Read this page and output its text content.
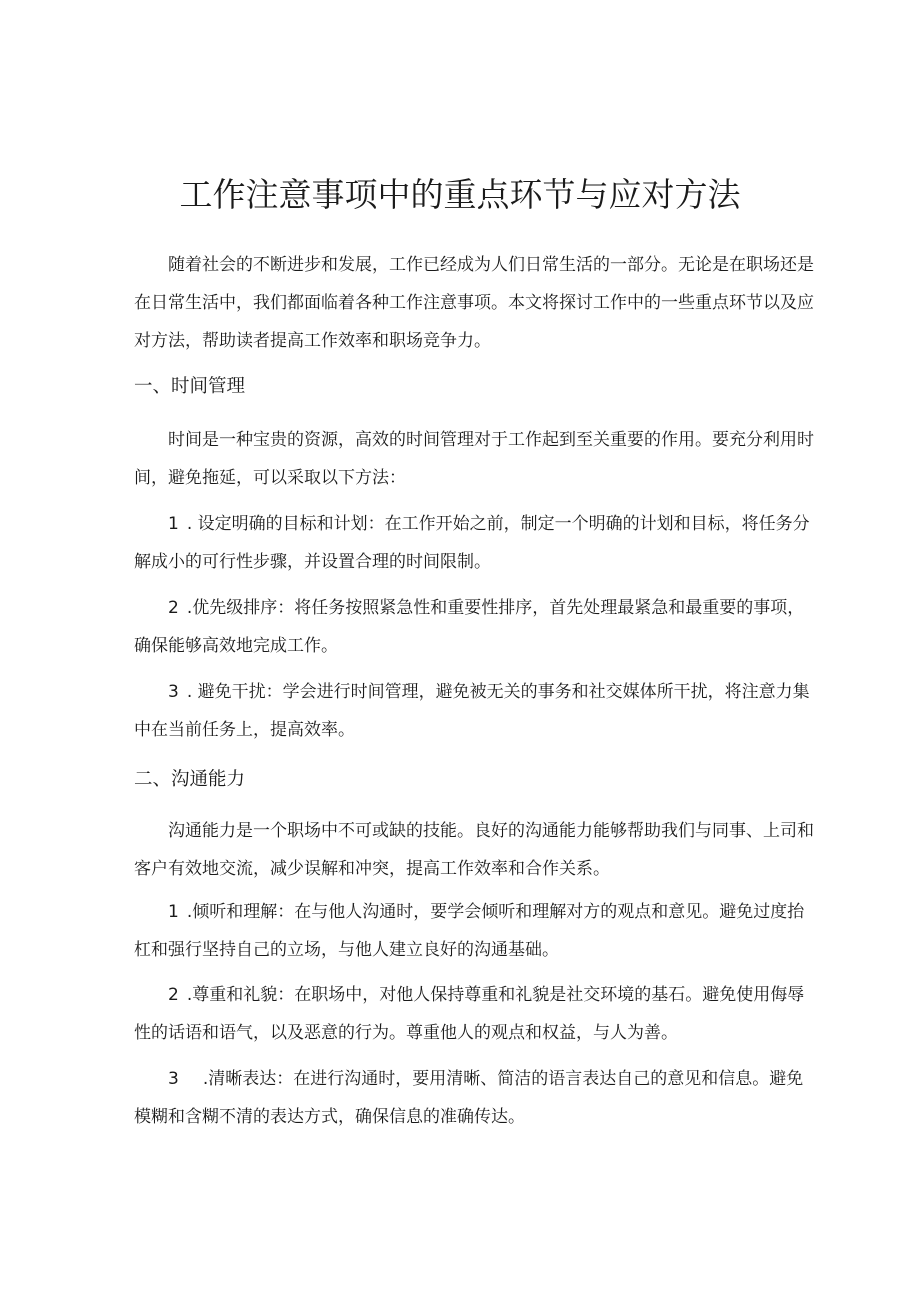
工作注意事项中的重点环节与应对方法

随着社会的不断进步和发展，工作已经成为人们日常生活的一部分。无论是在职场还是在日常生活中，我们都面临着各种工作注意事项。本文将探讨工作中的一些重点环节以及应对方法，帮助读者提高工作效率和职场竞争力。

一、时间管理

时间是一种宝贵的资源，高效的时间管理对于工作起到至关重要的作用。要充分利用时间，避免拖延，可以采取以下方法：

1 . 设定明确的目标和计划：在工作开始之前，制定一个明确的计划和目标，将任务分解成小的可行性步骤，并设置合理的时间限制。

2 .优先级排序：将任务按照紧急性和重要性排序，首先处理最紧急和最重要的事项，确保能够高效地完成工作。

3 . 避免干扰：学会进行时间管理，避免被无关的事务和社交媒体所干扰，将注意力集中在当前任务上，提高效率。

二、沟通能力

沟通能力是一个职场中不可或缺的技能。良好的沟通能力能够帮助我们与同事、上司和客户有效地交流，减少误解和冲突，提高工作效率和合作关系。

1 .倾听和理解：在与他人沟通时，要学会倾听和理解对方的观点和意见。避免过度抬杠和强行坚持自己的立场，与他人建立良好的沟通基础。

2 .尊重和礼貌：在职场中，对他人保持尊重和礼貌是社交环境的基石。避免使用侮辱性的话语和语气，以及恶意的行为。尊重他人的观点和权益，与人为善。

3 .清晰表达：在进行沟通时，要用清晰、简洁的语言表达自己的意见和信息。避免模糊和含糊不清的表达方式，确保信息的准确传达。
